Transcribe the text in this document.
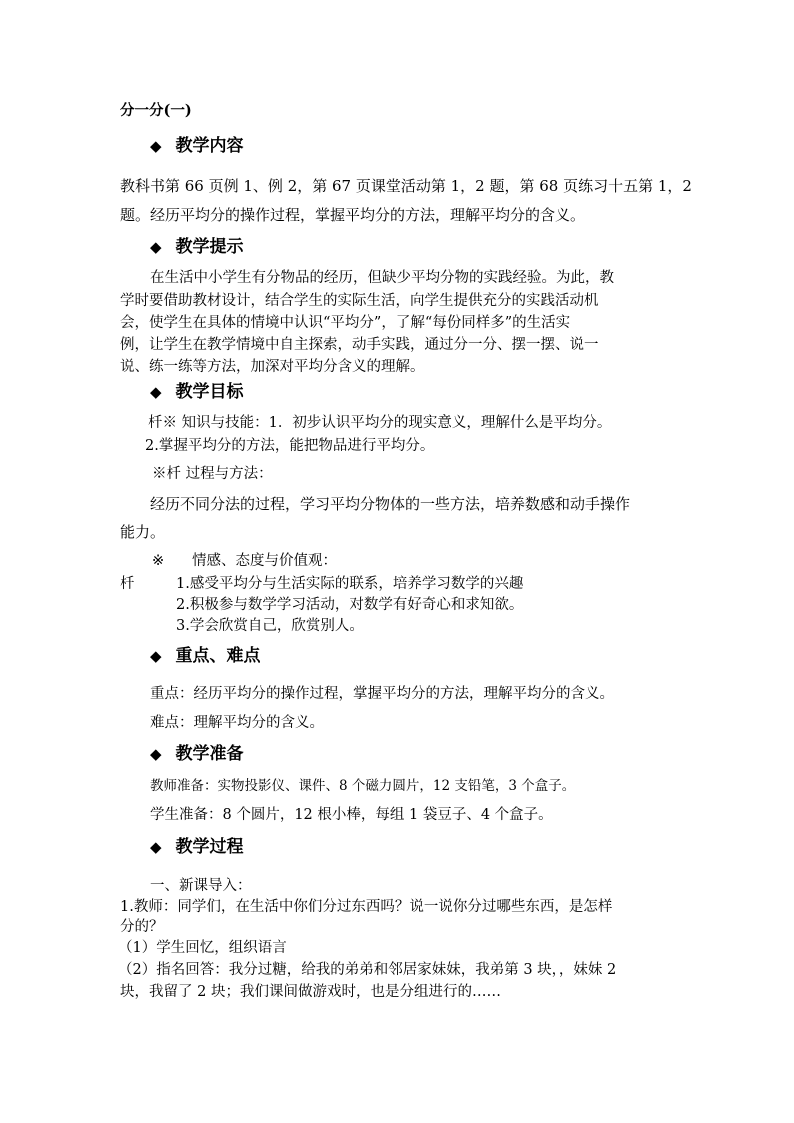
分一分(一)
◆ 教学内容
教科书第 66 页例 1、例 2，第 67 页课堂活动第 1，2 题，第 68 页练习十五第 1，2
题。经历平均分的操作过程，掌握平均分的方法，理解平均分的含义。
◆ 教学提示
在生活中小学生有分物品的经历，但缺少平均分物的实践经验。为此，教
学时要借助教材设计，结合学生的实际生活，向学生提供充分的实践活动机
会，使学生在具体的情境中认识“平均分”，了解“每份同样多”的生活实
例，让学生在教学情境中自主探索，动手实践，通过分一分、摆一摆、说一
说、练一练等方法，加深对平均分含义的理解。
◆ 教学目标
杄※ 知识与技能：1．初步认识平均分的现实意义，理解什么是平均分。
2.掌握平均分的方法，能把物品进行平均分。
※杄 过程与方法：
经历不同分法的过程，学习平均分物体的一些方法，培养数感和动手操作
能力。
※ 情感、态度与价值观：
杄	1.感受平均分与生活实际的联系，培养学习数学的兴趣
2.积极参与数学学习活动，对数学有好奇心和求知欲。
3.学会欣赏自己，欣赏别人。
◆ 重点、难点
重点：经历平均分的操作过程，掌握平均分的方法，理解平均分的含义。
难点：理解平均分的含义。
◆ 教学准备
教师准备：实物投影仪、课件、8 个磁力圆片，12 支铅笔，3 个盒子。
学生准备：8 个圆片，12 根小棒，每组 1 袋豆子、4 个盒子。
◆ 教学过程
一、新课导入：
1.教师：同学们，在生活中你们分过东西吗？说一说你分过哪些东西，是怎样
分的？
（1）学生回忆，组织语言
（2）指名回答：我分过糖，给我的弟弟和邻居家妹妹，我弟第 3 块，，妹妹 2
块，我留了 2 块；我们课间做游戏时，也是分组进行的……
